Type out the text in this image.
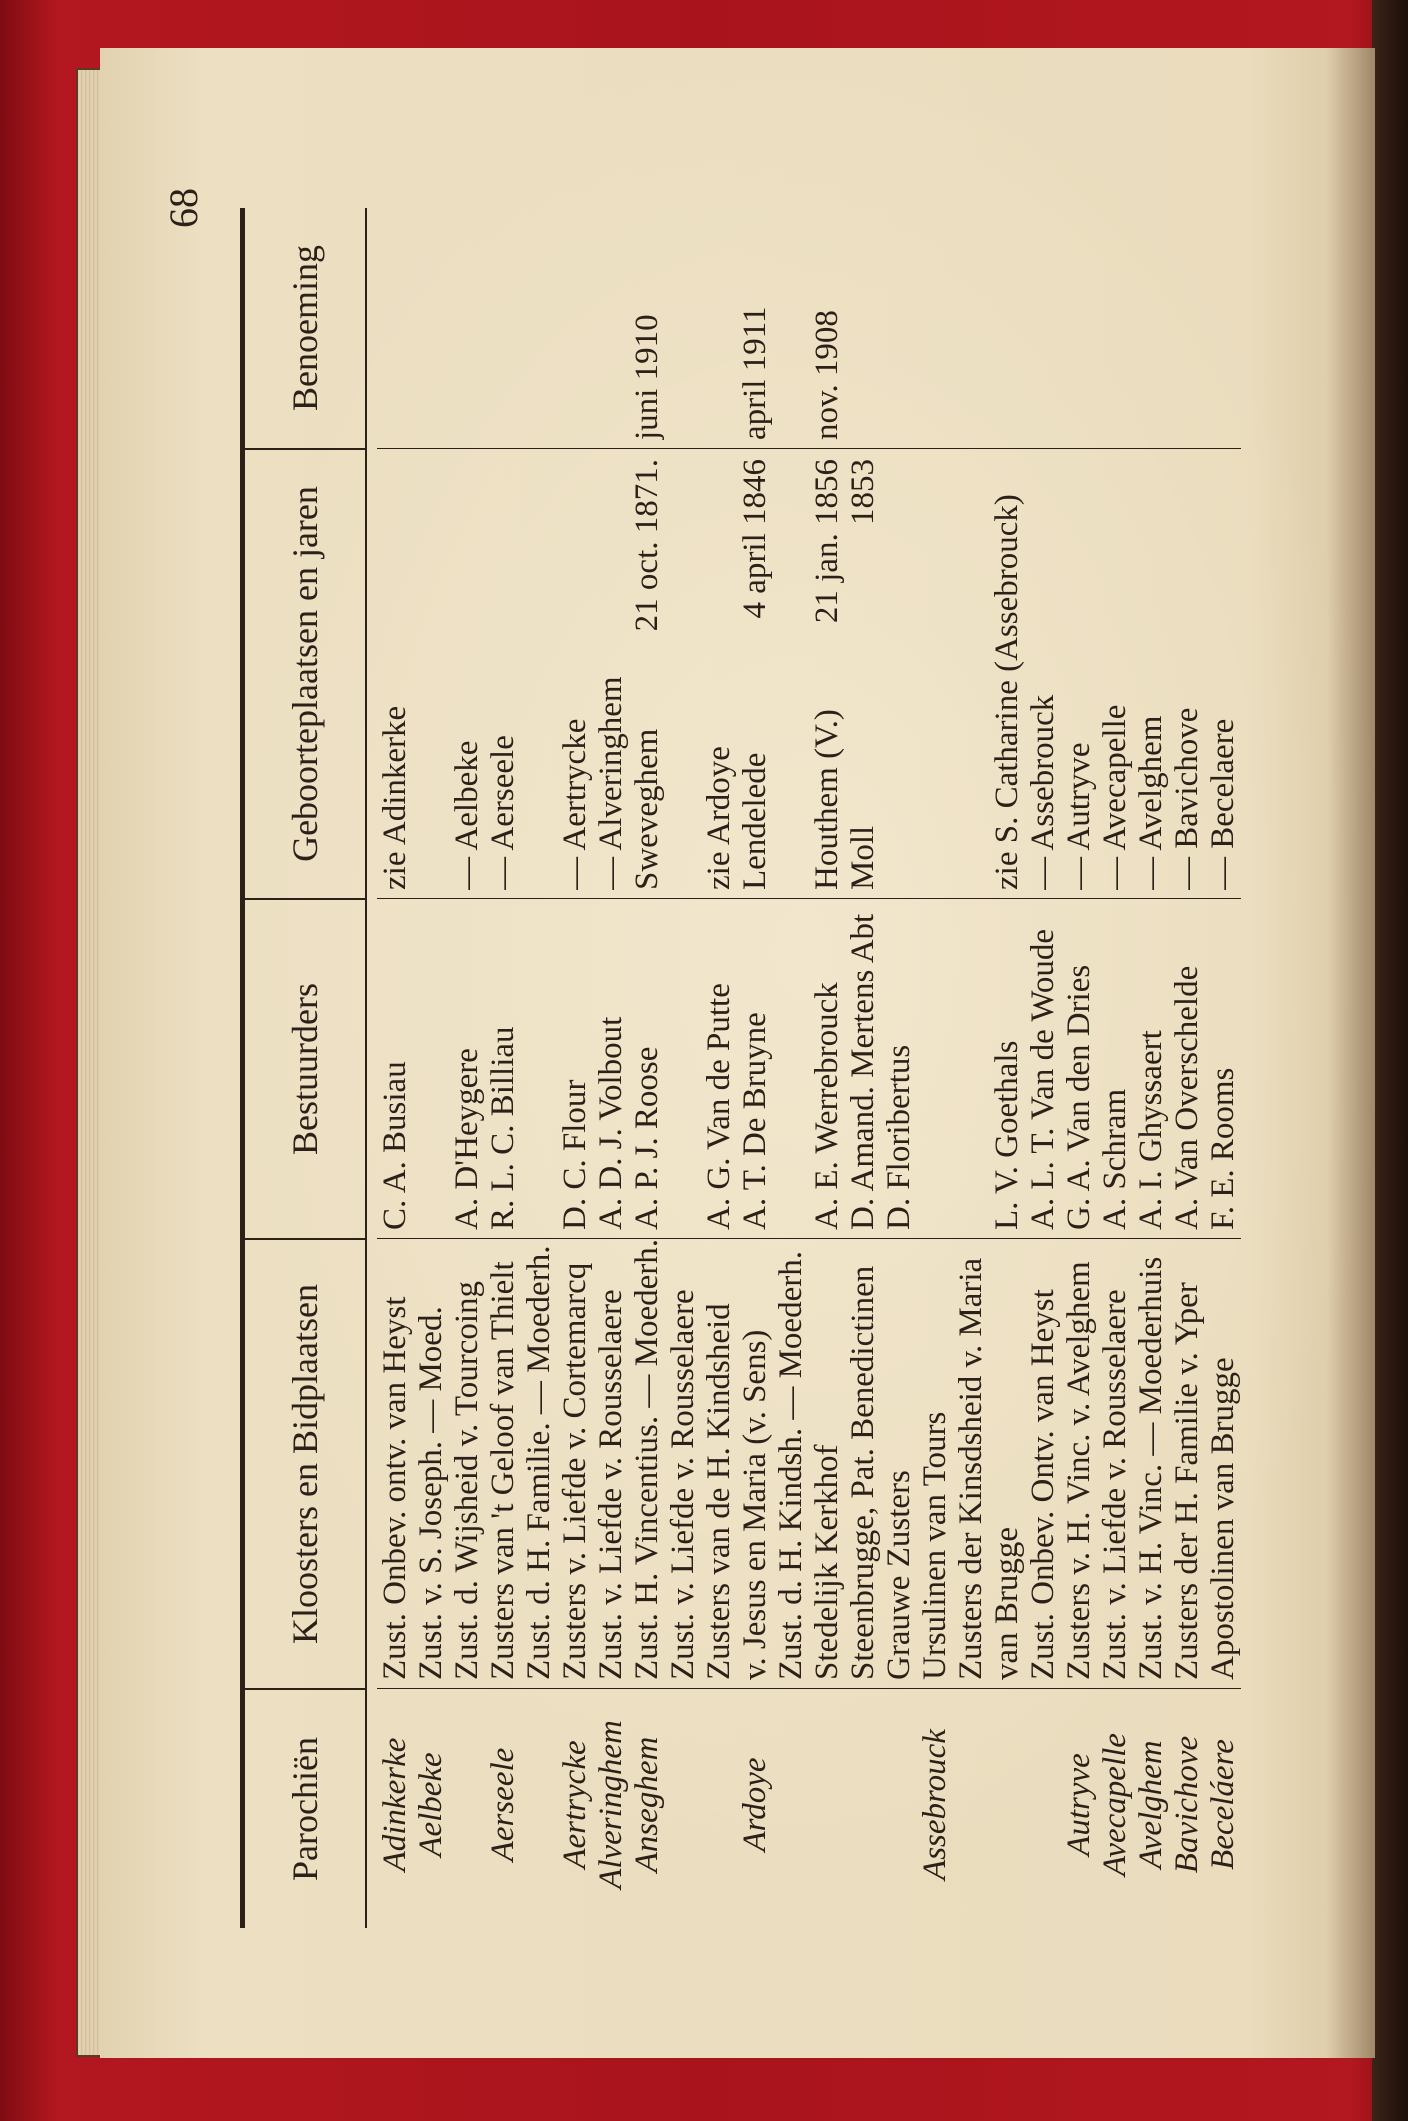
68
Parochiën
Kloosters en Bidplaatsen
Bestuurders
Geboorteplaatsen en jaren
Benoeming
Adinkerke Aelbeke Aerseele Aertrycke Alveringhem Anseghem Ardoye	Assebrouck	Autryve Avecapelle Avelghem Bavichove Beceláere
Zust. Onbev. ontv. van Heyst Zust. v. S. Joseph. — Moed. Zust. d. Wijsheid v. Tourcoing Zusters van 't Geloof van Thielt Zust. d. H. Familie. — Moederh. Zusters v. Liefde v. Cortemarcq Zust. v. Liefde v. Rousselaere Zust. H. Vincentius. — Moederh. Zust. v. Liefde v. Rousselaere Zusters van de H. Kindsheid v. Jesus en Maria (v. Sens) Zust. d. H. Kindsh. — Moederh. Stedelijk Kerkhof Steenbrugge, Pat. Benedictinen Grauwe Zusters Ursulinen van Tours Zusters der Kinsdsheid v. Maria van Brugge Zust. Onbev. Ontv. van Heyst Zusters v. H. Vinc. v. Avelghem Zust. v. Liefde v. Rousselaere Zust. v. H. Vinc. — Moederhuis Zusters der H. Familie v. Yper Apostolinen van Brugge
C. A. Busiau A. D'Heygere R. L. C. Billiau D. C. Flour A. D. J. Volbout A. P. J. Roose A. G. Van de Putte A. T. De Bruyne A. E. Werrebrouck D. Amand. Mertens Abt D. Floribertus L. V. Goethals A. L. T. Van de Woude G. A. Van den Dries A. Schram A. I. Ghyssaert A. Van Overschelde F. E. Rooms
zie Adinkerke — Aelbeke — Aerseele — Aertrycke — Alveringhem Sweveghem
21 oct. 1871.
zie Ardoye Lendelede
4 april 1846
Houthem (V.)
21 jan. 1856
Moll
1853
zie S. Catharine (Assebrouck) — Assebrouck — Autryve — Avecapelle — Avelghem — Bavichove — Becelaere
juni 1910 april 1911 nov. 1908
